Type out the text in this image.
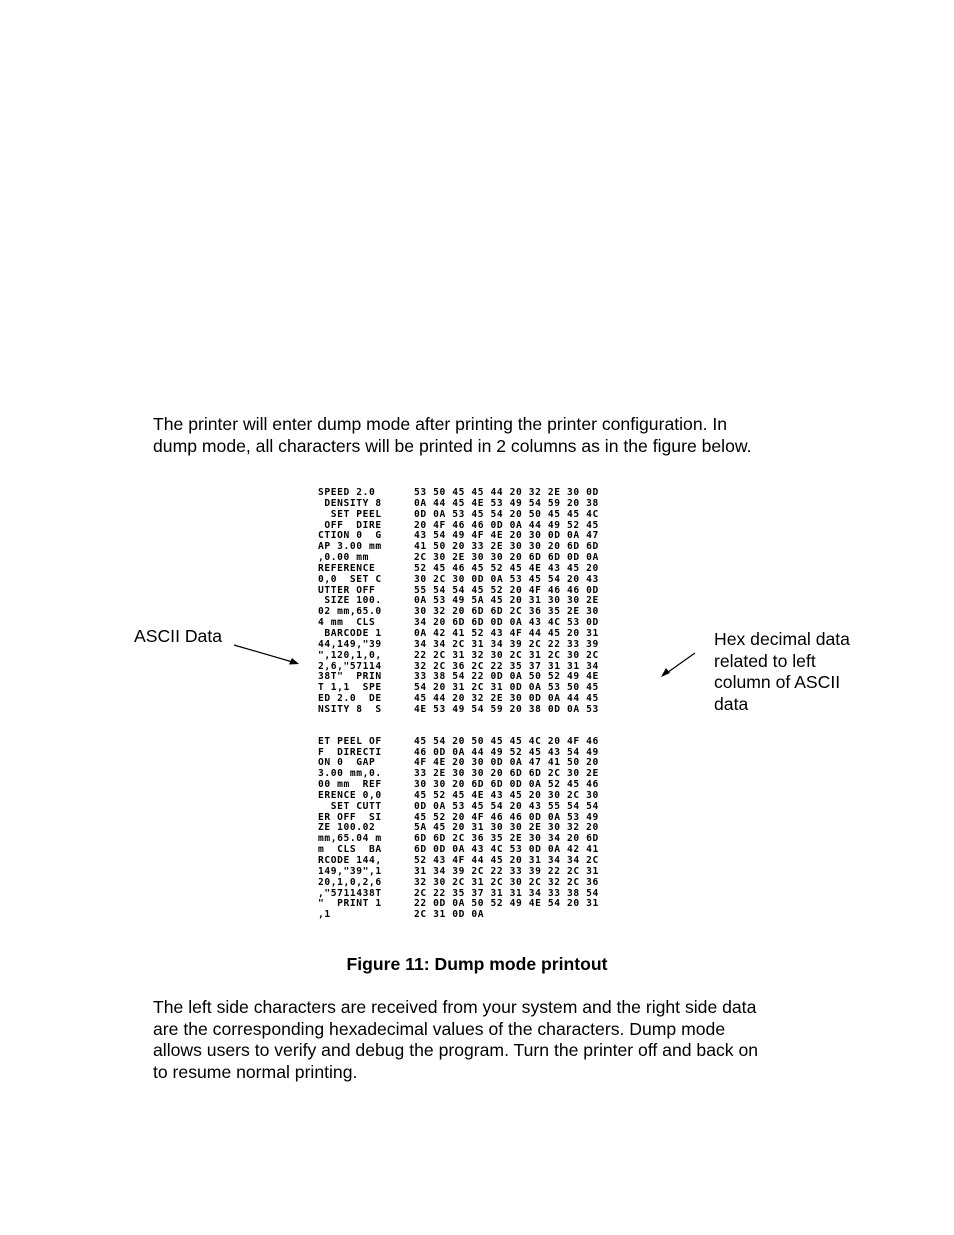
The printer will enter dump mode after printing the printer configuration. In
dump mode, all characters will be printed in 2 columns as in the figure below.

ASCII Data
SPEED 2.0	53 50 45 45 44 20 32 2E 30 0D
DENSITY 8	0A 44 45 4E 53 49 54 59 20 38
SET PEEL	0D 0A 53 45 54 20 50 45 45 4C
OFF  DIRE	20 4F 46 46 0D 0A 44 49 52 45
CTION 0  G	43 54 49 4F 4E 20 30 0D 0A 47
AP 3.00 mm	41 50 20 33 2E 30 30 20 6D 6D
,0.00 mm	2C 30 2E 30 30 20 6D 6D 0D 0A
REFERENCE	52 45 46 45 52 45 4E 43 45 20
0,0  SET C	30 2C 30 0D 0A 53 45 54 20 43
UTTER OFF	55 54 54 45 52 20 4F 46 46 0D
SIZE 100.	0A 53 49 5A 45 20 31 30 30 2E
02 mm,65.0	30 32 20 6D 6D 2C 36 35 2E 30
4 mm  CLS	34 20 6D 6D 0D 0A 43 4C 53 0D
BARCODE 1	0A 42 41 52 43 4F 44 45 20 31
44,149,"39	34 34 2C 31 34 39 2C 22 33 39
",120,1,0,	22 2C 31 32 30 2C 31 2C 30 2C
2,6,"57114	32 2C 36 2C 22 35 37 31 31 34
38T"  PRIN	33 38 54 22 0D 0A 50 52 49 4E
T 1,1  SPE	54 20 31 2C 31 0D 0A 53 50 45
ED 2.0  DE	45 44 20 32 2E 30 0D 0A 44 45
NSITY 8  S	4E 53 49 54 59 20 38 0D 0A 53
ET PEEL OF	45 54 20 50 45 45 4C 20 4F 46
F  DIRECTI	46 0D 0A 44 49 52 45 43 54 49
ON 0  GAP	4F 4E 20 30 0D 0A 47 41 50 20
3.00 mm,0.	33 2E 30 30 20 6D 6D 2C 30 2E
00 mm  REF	30 30 20 6D 6D 0D 0A 52 45 46
ERENCE 0,0	45 52 45 4E 43 45 20 30 2C 30
SET CUTT	0D 0A 53 45 54 20 43 55 54 54
ER OFF  SI	45 52 20 4F 46 46 0D 0A 53 49
ZE 100.02	5A 45 20 31 30 30 2E 30 32 20
mm,65.04 m	6D 6D 2C 36 35 2E 30 34 20 6D
m  CLS  BA	6D 0D 0A 43 4C 53 0D 0A 42 41
RCODE 144,	52 43 4F 44 45 20 31 34 34 2C
149,"39",1	31 34 39 2C 22 33 39 22 2C 31
20,1,0,2,6	32 30 2C 31 2C 30 2C 32 2C 36
,"5711438T	2C 22 35 37 31 31 34 33 38 54
"  PRINT 1	22 0D 0A 50 52 49 4E 54 20 31
,1	2C 31 0D 0A

Hex decimal data
related to left
column of ASCII
data

Figure 11: Dump mode printout

The left side characters are received from your system and the right side data
are the corresponding hexadecimal values of the characters. Dump mode
allows users to verify and debug the program. Turn the printer off and back on
to resume normal printing.
